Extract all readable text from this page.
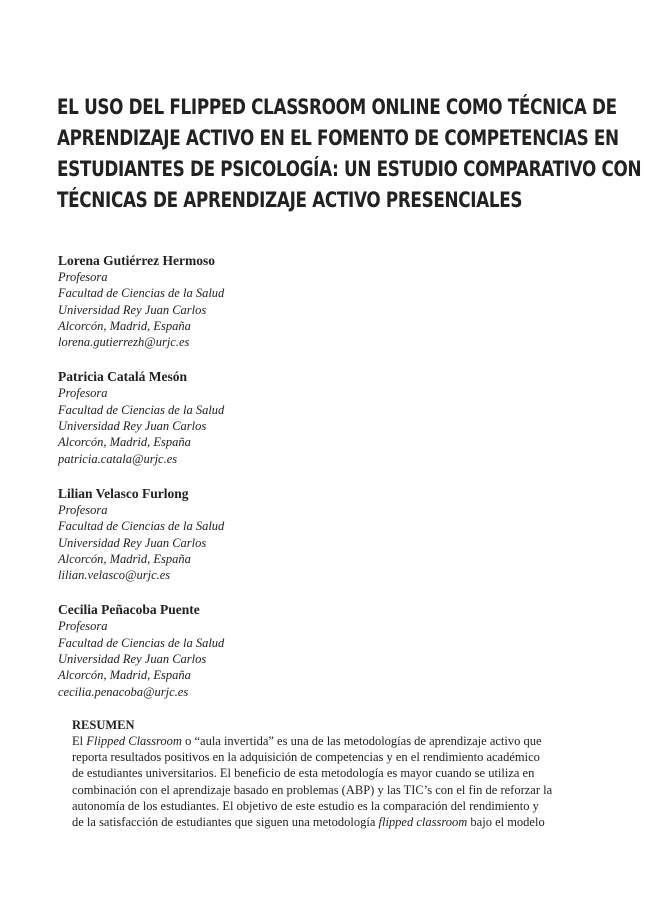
EL USO DEL FLIPPED CLASSROOM ONLINE COMO TÉCNICA DE
APRENDIZAJE ACTIVO EN EL FOMENTO DE COMPETENCIAS EN
ESTUDIANTES DE PSICOLOGÍA: UN ESTUDIO COMPARATIVO CON
TÉCNICAS DE APRENDIZAJE ACTIVO PRESENCIALES
Lorena Gutiérrez Hermoso
Profesora
Facultad de Ciencias de la Salud
Universidad Rey Juan Carlos
Alcorcón, Madrid, España
lorena.gutierrezh@urjc.es
Patricia Catalá Mesón
Profesora
Facultad de Ciencias de la Salud
Universidad Rey Juan Carlos
Alcorcón, Madrid, España
patricia.catala@urjc.es
Lilian Velasco Furlong
Profesora
Facultad de Ciencias de la Salud
Universidad Rey Juan Carlos
Alcorcón, Madrid, España
lilian.velasco@urjc.es
Cecilia Peñacoba Puente
Profesora
Facultad de Ciencias de la Salud
Universidad Rey Juan Carlos
Alcorcón, Madrid, España
cecilia.penacoba@urjc.es
RESUMEN
El Flipped Classroom o “aula invertida” es una de las metodologías de aprendizaje activo que
reporta resultados positivos en la adquisición de competencias y en el rendimiento académico
de estudiantes universitarios. El beneficio de esta metodología es mayor cuando se utiliza en
combinación con el aprendizaje basado en problemas (ABP) y las TIC’s con el fin de reforzar la
autonomía de los estudiantes. El objetivo de este estudio es la comparación del rendimiento y
de la satisfacción de estudiantes que siguen una metodología flipped classroom bajo el modelo
